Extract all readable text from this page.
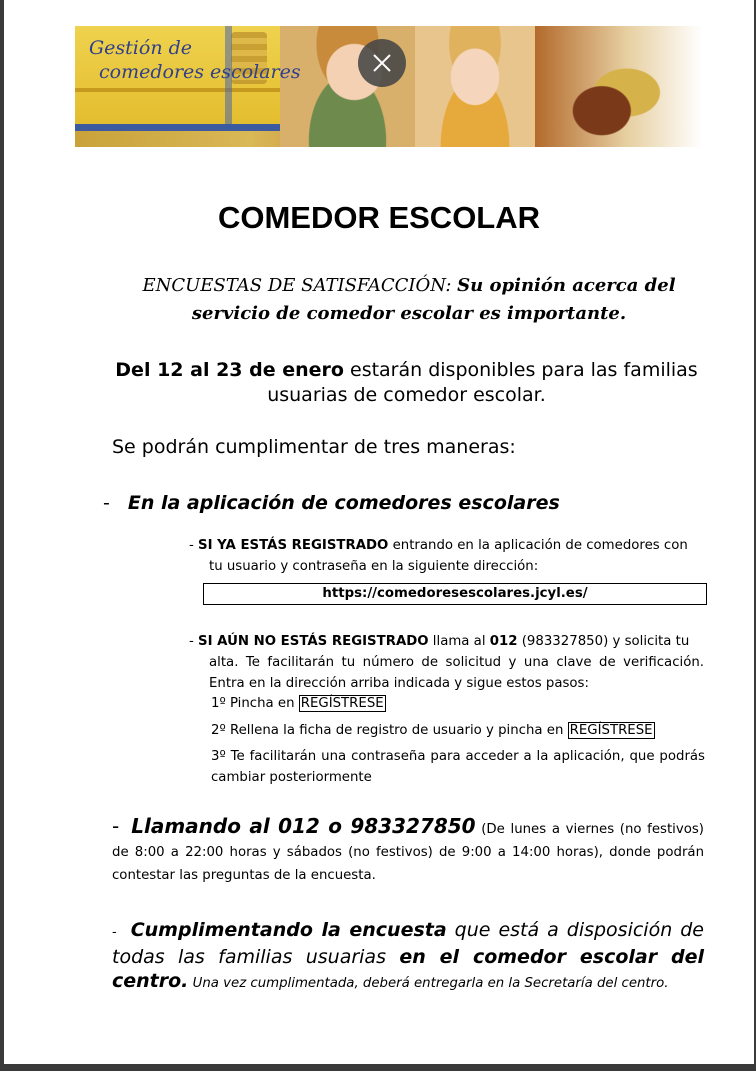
Gestión de
comedores escolares
COMEDOR ESCOLAR
ENCUESTAS DE SATISFACCIÓN: Su opinión acerca del
servicio de comedor escolar es importante.
Del 12 al 23 de enero estarán disponibles para las familias usuarias de comedor escolar.
Se podrán cumplimentar de tres maneras:
- En la aplicación de comedores escolares
- SI YA ESTÁS REGISTRADO entrando en la aplicación de comedores con
tu usuario y contraseña en la siguiente dirección:
https://comedoresescolares.jcyl.es/
- SI AÚN NO ESTÁS REGISTRADO llama al 012 (983327850) y solicita tu
alta. Te facilitarán tu número de solicitud y una clave de verificación. Entra en la dirección arriba indicada y sigue estos pasos:
1º Pincha en REGÍSTRESE
2º Rellena la ficha de registro de usuario y pincha en REGÍSTRESE
3º Te facilitarán una contraseña para acceder a la aplicación, que podrás cambiar posteriormente
- Llamando al 012 o 983327850 (De lunes a viernes (no festivos) de 8:00 a 22:00 horas y sábados (no festivos) de 9:00 a 14:00 horas), donde podrán contestar las preguntas de la encuesta.
- Cumplimentando la encuesta que está a disposición de todas las familias usuarias en el comedor escolar del centro. Una vez cumplimentada, deberá entregarla en la Secretaría del centro.
